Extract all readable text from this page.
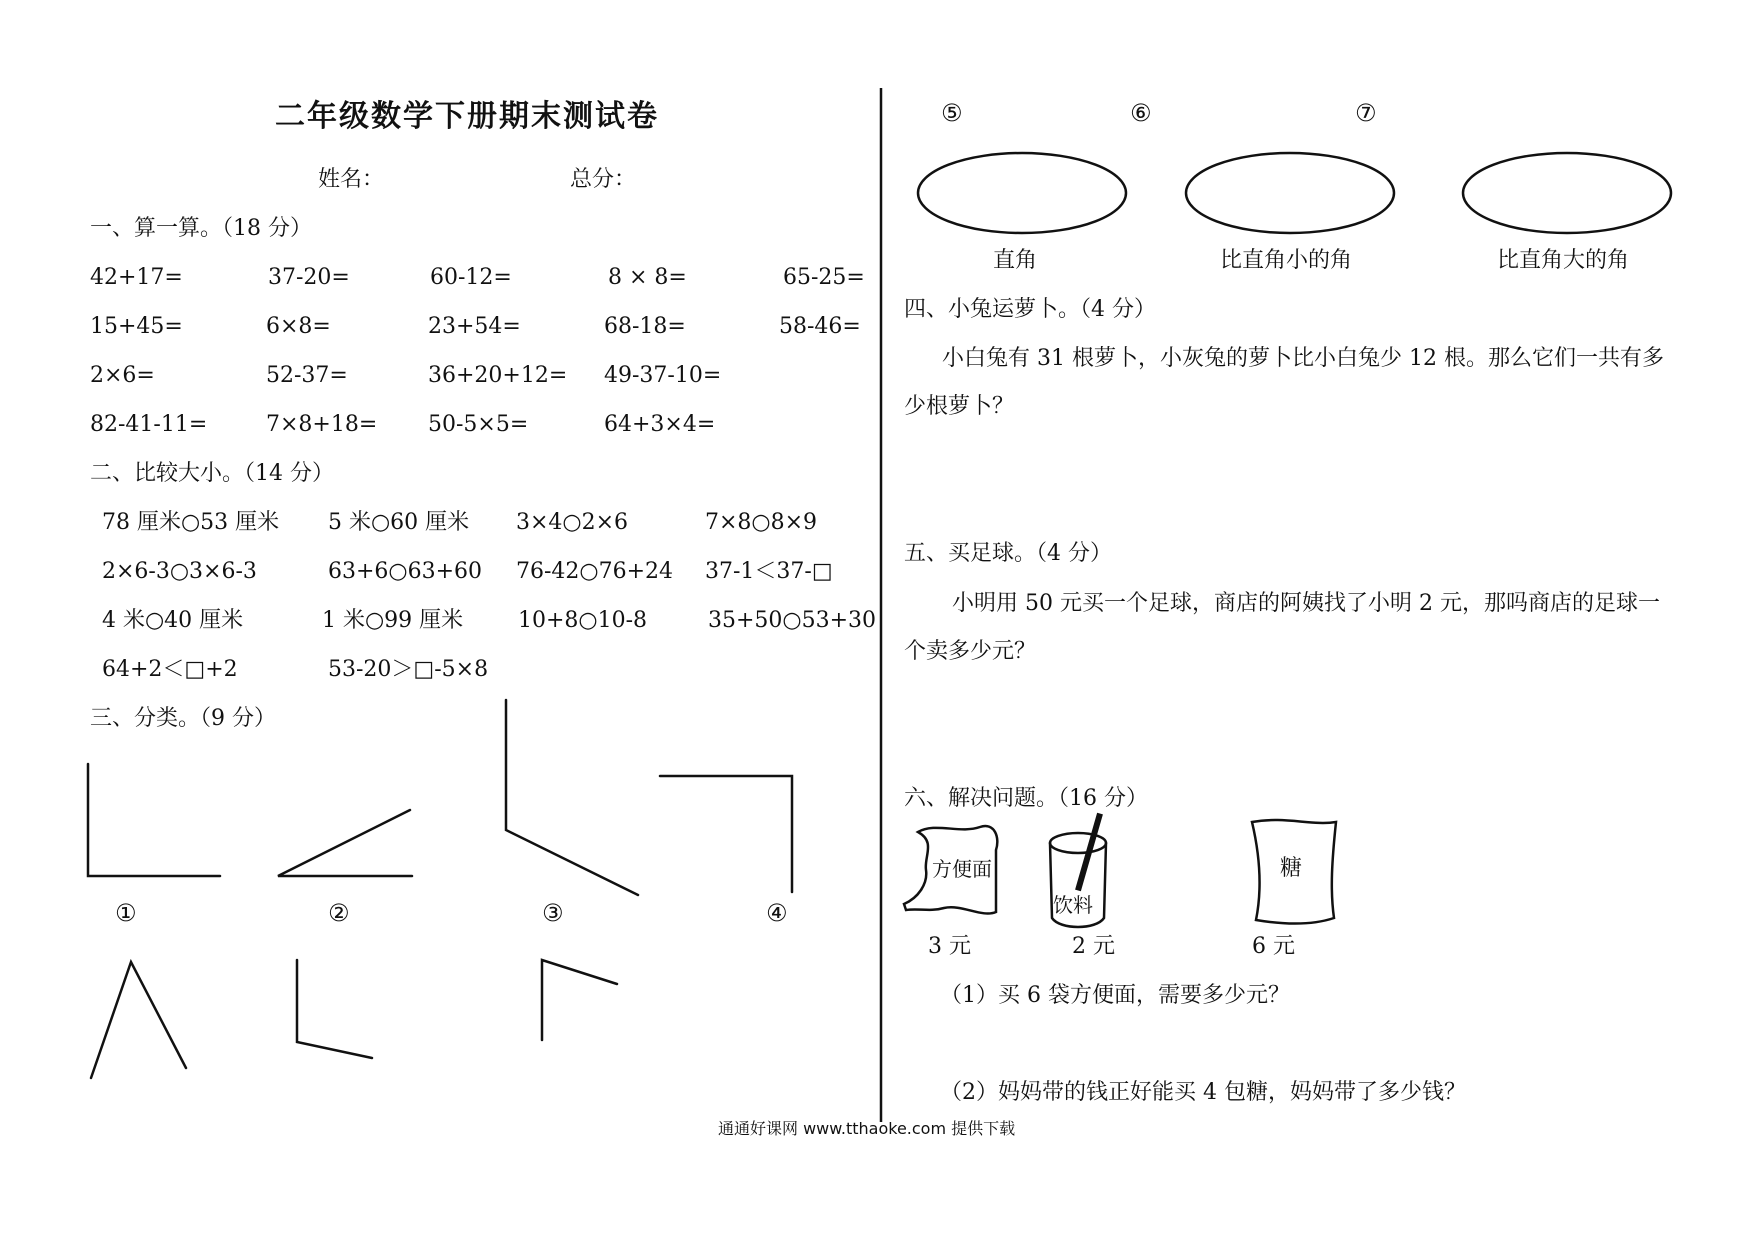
二年级数学下册期末测试卷
姓名：	总分：
一、算一算。（18 分）
42+17=	37-20=	60-12=	8 × 8=	65-25=
15+45=	6×8=	23+54=	68-18=	58-46=
2×6=	52-37=	36+20+12= 49-37-10=
82-41-11=	7×8+18= 50-5×5=	64+3×4=
二、比较大小。（14 分）
78 厘米○53 厘米 5 米○60 厘米 3×4○2×6	7×8○8×9
2×6-3○3×6-3	63+6○63+60 76-42○76+24 37-1＜37-□
4 米○40 厘米	1 米○99 厘米 10+8○10-8	35+50○53+30
64+2＜□+2	53-20＞□-5×8
三、分类。（9 分）
①	②	③	④
⑤	⑥	⑦
直角	比直角小的角	比直角大的角
四、小兔运萝卜。（4 分）
小白兔有 31 根萝卜，小灰兔的萝卜比小白兔少 12 根。那么它们一共有多少根萝卜？
五、买足球。（4 分）
小明用 50 元买一个足球，商店的阿姨找了小明 2 元，那吗商店的足球一个卖多少元？
六、解决问题。（16 分）
方便面
饮料
糖
3 元	2 元	6 元
（1）买 6 袋方便面，需要多少元？
（2）妈妈带的钱正好能买 4 包糖，妈妈带了多少钱？
通通好课网 www.tthaoke.com 提供下载
